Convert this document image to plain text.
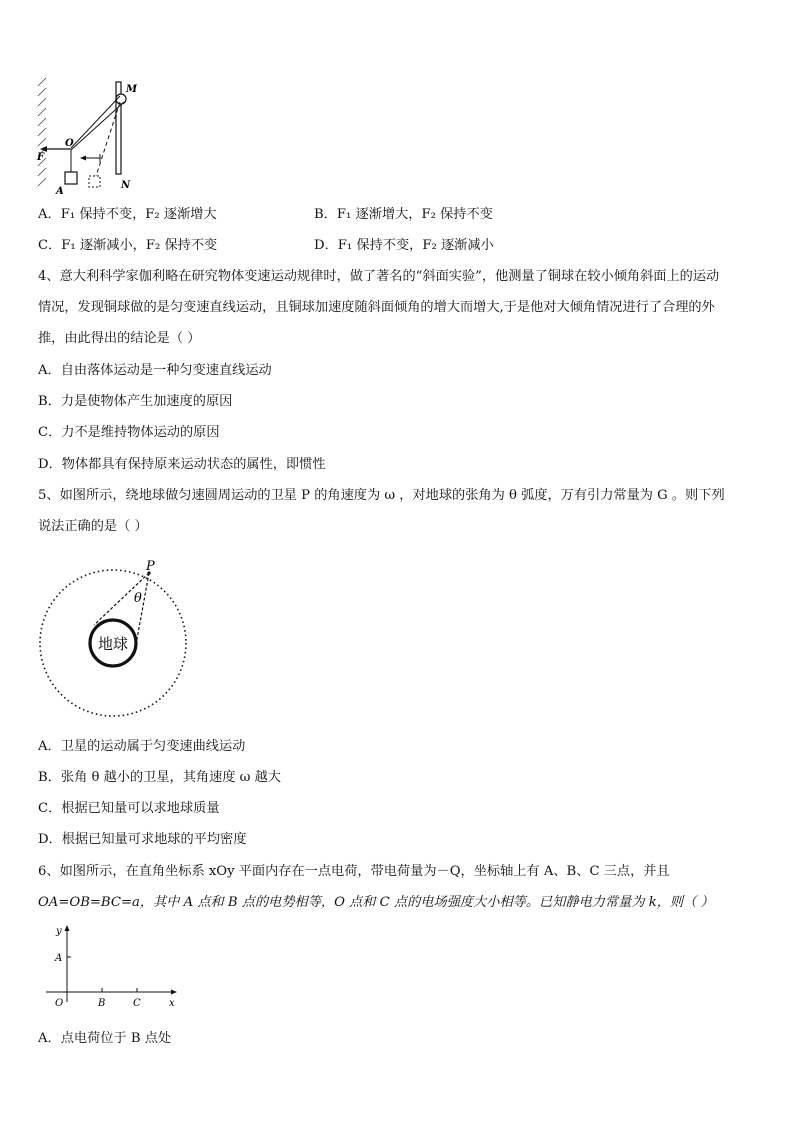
M
O
F
A
N
A．F₁ 保持不变，F₂ 逐渐增大	B．F₁ 逐渐增大，F₂ 保持不变
C．F₁ 逐渐减小，F₂ 保持不变	D．F₁ 保持不变，F₂ 逐渐减小
4、意大利科学家伽利略在研究物体变速运动规律时，做了著名的“斜面实验”，他测量了铜球在较小倾角斜面上的运动
情况，发现铜球做的是匀变速直线运动，且铜球加速度随斜面倾角的增大而增大,于是他对大倾角情况进行了合理的外
推，由此得出的结论是（ ）
A．自由落体运动是一种匀变速直线运动
B．力是使物体产生加速度的原因
C．力不是维持物体运动的原因
D．物体都具有保持原来运动状态的属性，即惯性
5、如图所示，绕地球做匀速圆周运动的卫星 P 的角速度为 ω ，对地球的张角为 θ 弧度，万有引力常量为 G 。则下列
说法正确的是（ ）
地球
P
θ
A．卫星的运动属于匀变速曲线运动
B．张角 θ 越小的卫星，其角速度 ω 越大
C．根据已知量可以求地球质量
D．根据已知量可求地球的平均密度
6、如图所示，在直角坐标系 xOy 平面内存在一点电荷，带电荷量为－Q，坐标轴上有 A、B、C 三点，并且
OA=OB=BC=a，其中 A 点和 B 点的电势相等，O 点和 C 点的电场强度大小相等。已知静电力常量为 k，则（ ）
y
A
O	B	C	x
A．点电荷位于 B 点处
